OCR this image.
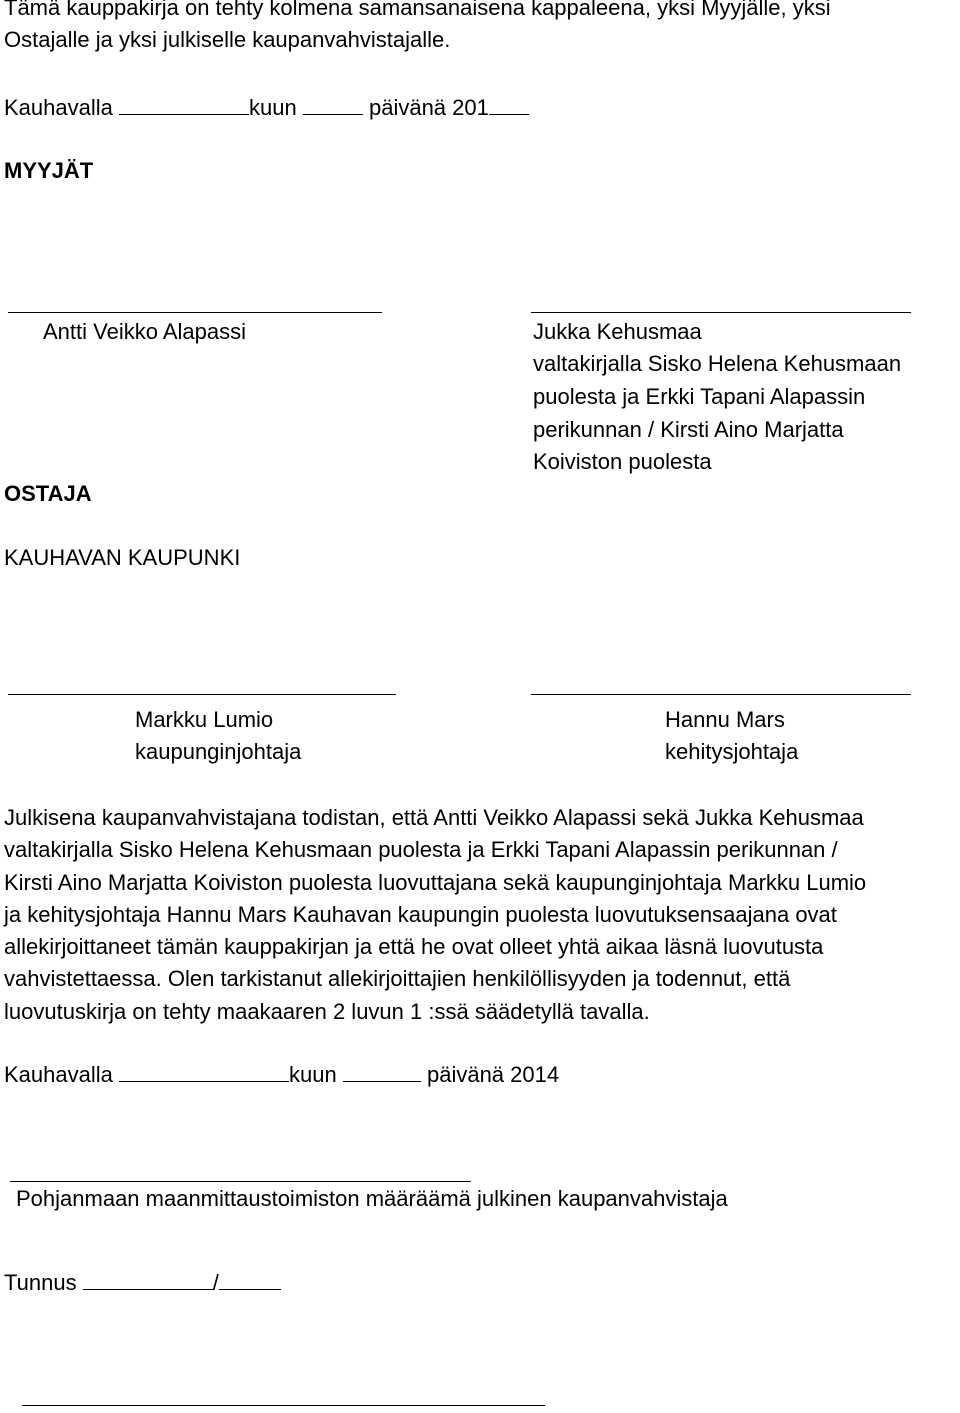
Tämä kauppakirja on tehty kolmena samansanaisena kappaleena, yksi Myyjälle, yksi

Ostajalle ja yksi julkiselle kaupanvahvistajalle.

Kauhavalla	kuun	päivänä 201

MYYJÄT

Antti Veikko Alapassi	Jukka Kehusmaa

valtakirjalla Sisko Helena Kehusmaan

puolesta ja Erkki Tapani Alapassin

perikunnan / Kirsti Aino Marjatta

Koiviston puolesta

OSTAJA

KAUHAVAN KAUPUNKI

Markku Lumio

kaupunginjohtaja

Hannu Mars

kehitysjohtaja

Julkisena kaupanvahvistajana todistan, että Antti Veikko Alapassi sekä Jukka Kehusmaa
valtakirjalla Sisko Helena Kehusmaan puolesta ja Erkki Tapani Alapassin perikunnan /
Kirsti Aino Marjatta Koiviston puolesta luovuttajana sekä kaupunginjohtaja Markku Lumio
ja kehitysjohtaja Hannu Mars Kauhavan kaupungin puolesta luovutuksensaajana ovat
allekirjoittaneet tämän kauppakirjan ja että he ovat olleet yhtä aikaa läsnä luovutusta
vahvistettaessa. Olen tarkistanut allekirjoittajien henkilöllisyyden ja todennut, että
luovutuskirja on tehty maakaaren 2 luvun 1 :ssä säädetyllä tavalla.

Kauhavalla	kuun	päivänä 2014

Pohjanmaan maanmittaustoimiston määräämä julkinen kaupanvahvistaja

Tunnus	/
